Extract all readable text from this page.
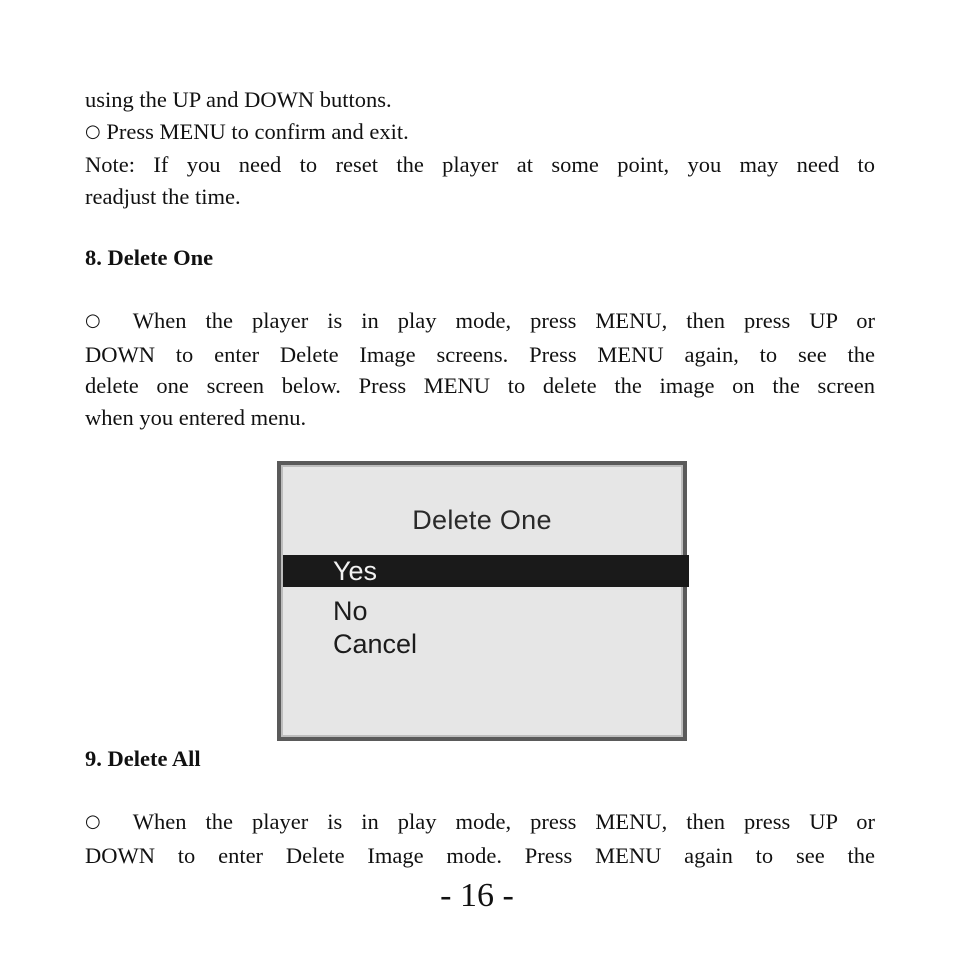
using the UP and DOWN buttons.
○ Press MENU to confirm and exit.
Note: If you need to reset the player at some point, you may need to
readjust the time.
8. Delete One
○ When the player is in play mode, press MENU, then press UP or
DOWN to enter Delete Image screens. Press MENU again, to see the
delete one screen below. Press MENU to delete the image on the screen
when you entered menu.
Delete One
Yes
No
Cancel
9. Delete All
○ When the player is in play mode, press MENU, then press UP or
DOWN to enter Delete Image mode. Press MENU again to see the
- 16 -
